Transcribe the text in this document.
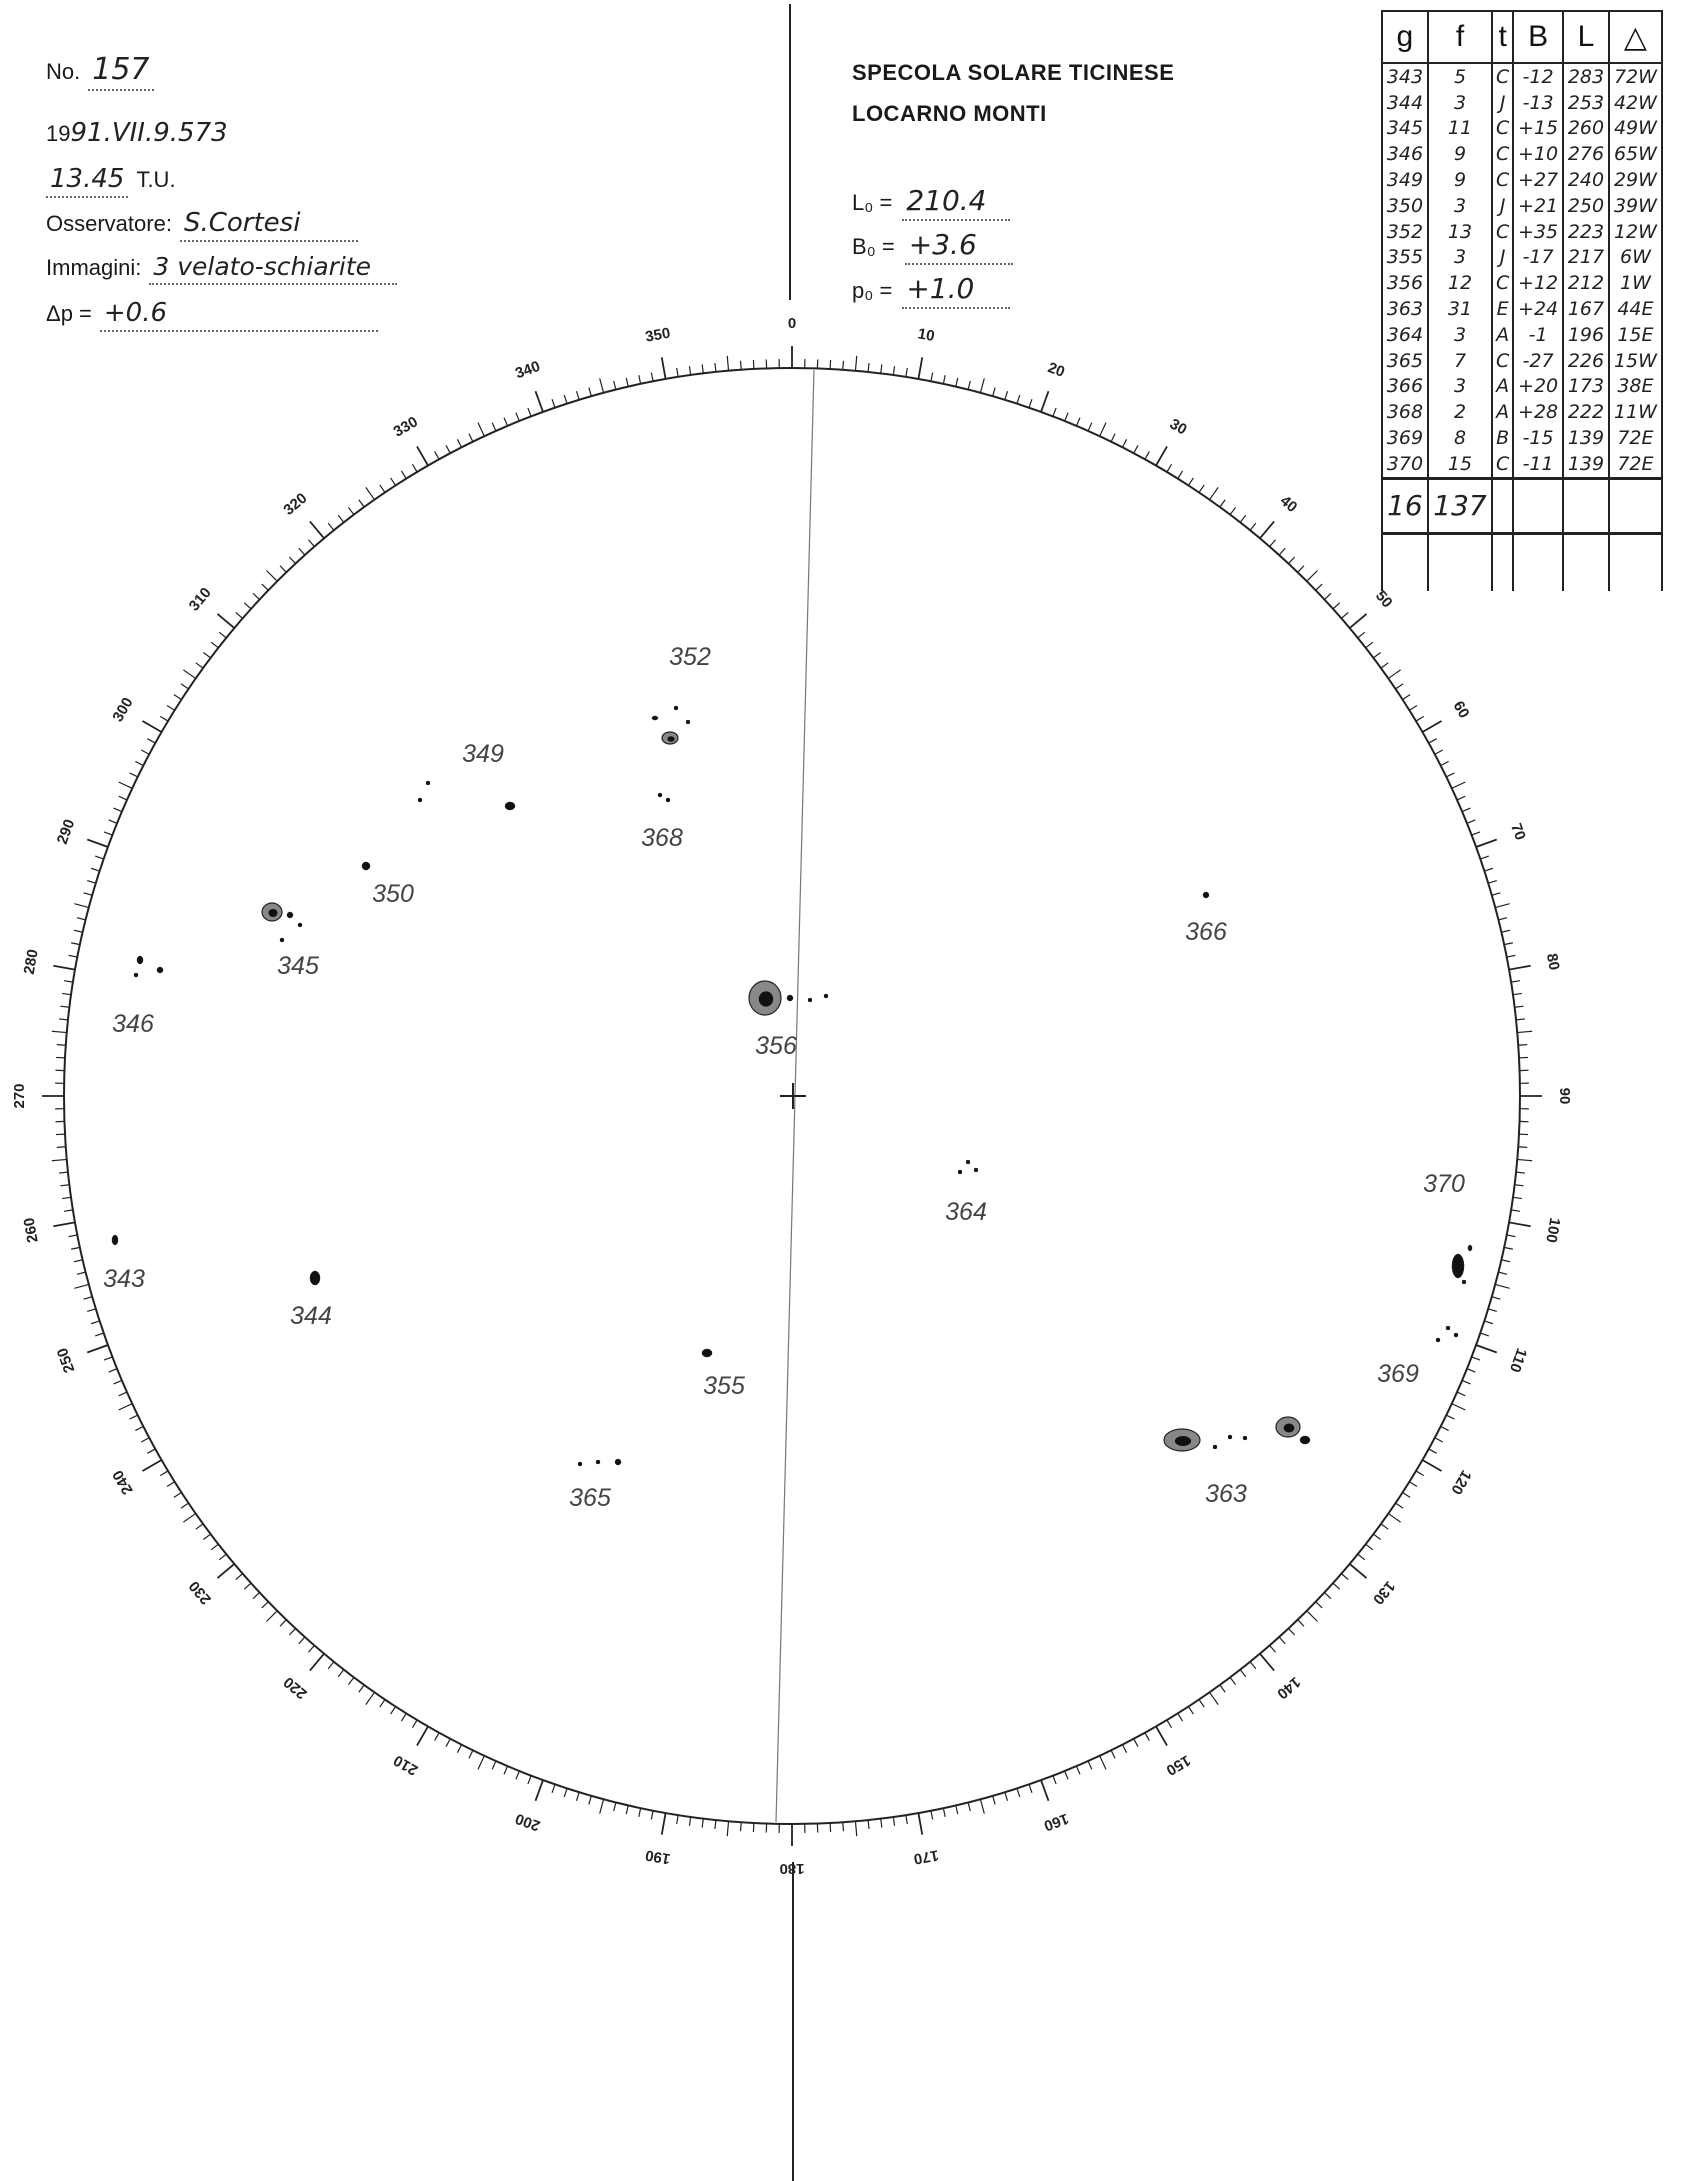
No. 157
19 91.VII.9.573
13.45 T.U.
Osservatore: S.Cortesi
Immagini: 3 velato-schiarite
Δp = +0.6
SPECOLA SOLARE TICINESE
LOCARNO MONTI
L₀ = 210.4
B₀ = +3.6
p₀ = +1.0
g	f	t	B	L	△
343	5	C	-12	283	72W
344	3	J	-13	253	42W
345	11	C	+15	260	49W
346	9	C	+10	276	65W
349	9	C	+27	240	29W
350	3	J	+21	250	39W
352	13	C	+35	223	12W
355	3	J	-17	217	6W
356	12	C	+12	212	1W
363	31	E	+24	167	44E
364	3	A	-1	196	15E
365	7	C	-27	226	15W
366	3	A	+20	173	38E
368	2	A	+28	222	11W
369	8	B	-15	139	72E
370	15	C	-11	139	72E
16	137				

0
10
20
30
40
50
60
70
80
90
100
110
120
130
140
150
160
170
180
190
200
210
220
230
240
250
260
270
280
290
300
310
320
330
340
350
352
349
368
350
345
346
366
356
364
370
343
344
355	369
365	363
